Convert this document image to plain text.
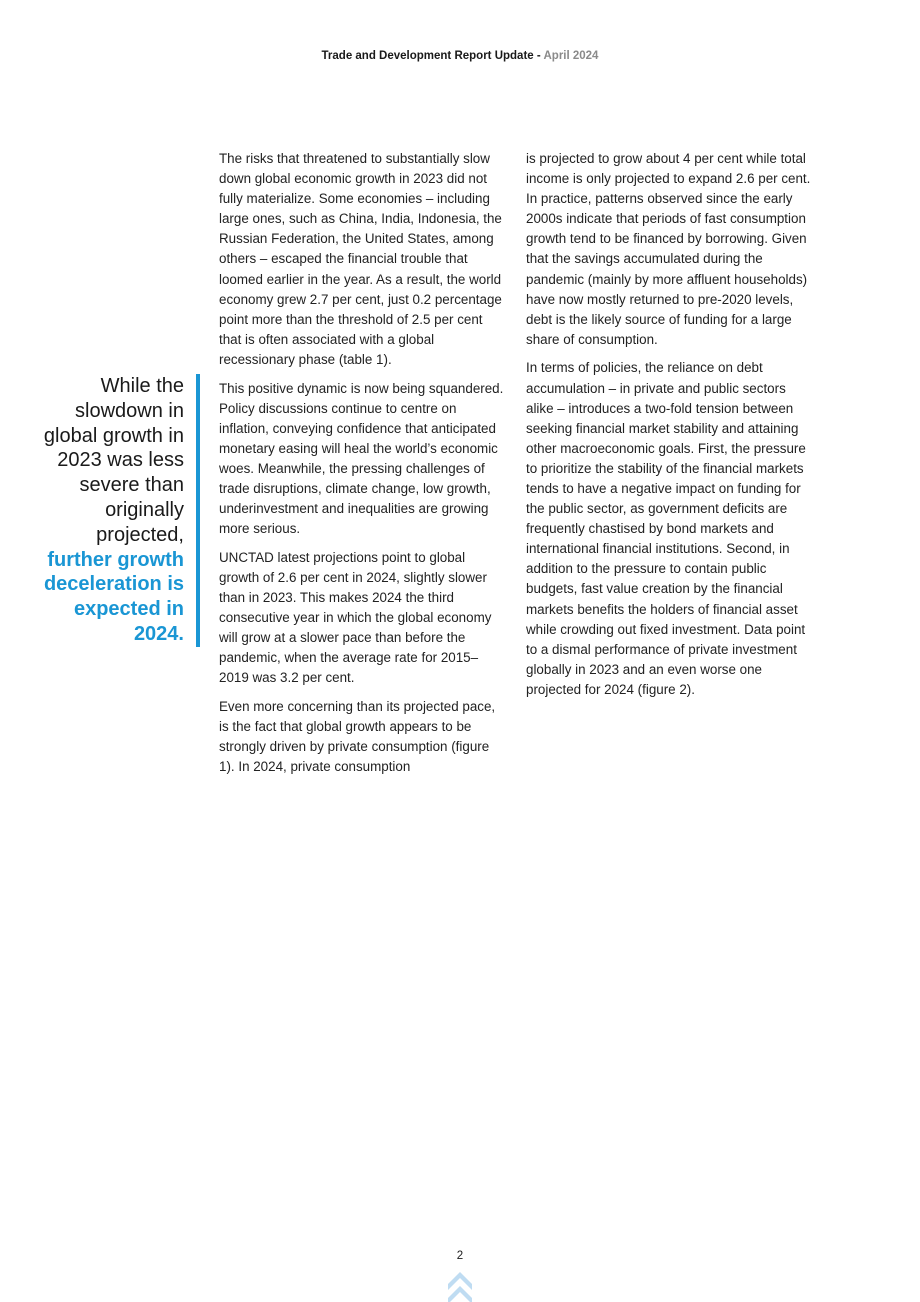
Trade and Development Report Update - April 2024
While the slowdown in global growth in 2023 was less severe than originally projected,
further growth deceleration is expected in 2024.

The risks that threatened to substantially slow down global economic growth in 2023 did not fully materialize. Some economies – including large ones, such as China, India, Indonesia, the Russian Federation, the United States, among others – escaped the financial trouble that loomed earlier in the year. As a result, the world economy grew 2.7 per cent, just 0.2 percentage point more than the threshold of 2.5 per cent that is often associated with a global recessionary phase (table 1).

This positive dynamic is now being squandered. Policy discussions continue to centre on inflation, conveying confidence that anticipated monetary easing will heal the world’s economic woes. Meanwhile, the pressing challenges of trade disruptions, climate change, low growth, underinvestment and inequalities are growing more serious.

UNCTAD latest projections point to global growth of 2.6 per cent in 2024, slightly slower than in 2023. This makes 2024 the third consecutive year in which the global economy will grow at a slower pace than before the pandemic, when the average rate for 2015–2019 was 3.2 per cent.

Even more concerning than its projected pace, is the fact that global growth appears to be strongly driven by private consumption (figure 1). In 2024, private consumption

is projected to grow about 4 per cent while total income is only projected to expand 2.6 per cent. In practice, patterns observed since the early 2000s indicate that periods of fast consumption growth tend to be financed by borrowing. Given that the savings accumulated during the pandemic (mainly by more affluent households) have now mostly returned to pre-2020 levels, debt is the likely source of funding for a large share of consumption.

In terms of policies, the reliance on debt accumulation – in private and public sectors alike – introduces a two-fold tension between seeking financial market stability and attaining other macroeconomic goals. First, the pressure to prioritize the stability of the financial markets tends to have a negative impact on funding for the public sector, as government deficits are frequently chastised by bond markets and international financial institutions. Second, in addition to the pressure to contain public budgets, fast value creation by the financial markets benefits the holders of financial asset while crowding out fixed investment. Data point to a dismal performance of private investment globally in 2023 and an even worse one projected for 2024 (figure 2).

2
